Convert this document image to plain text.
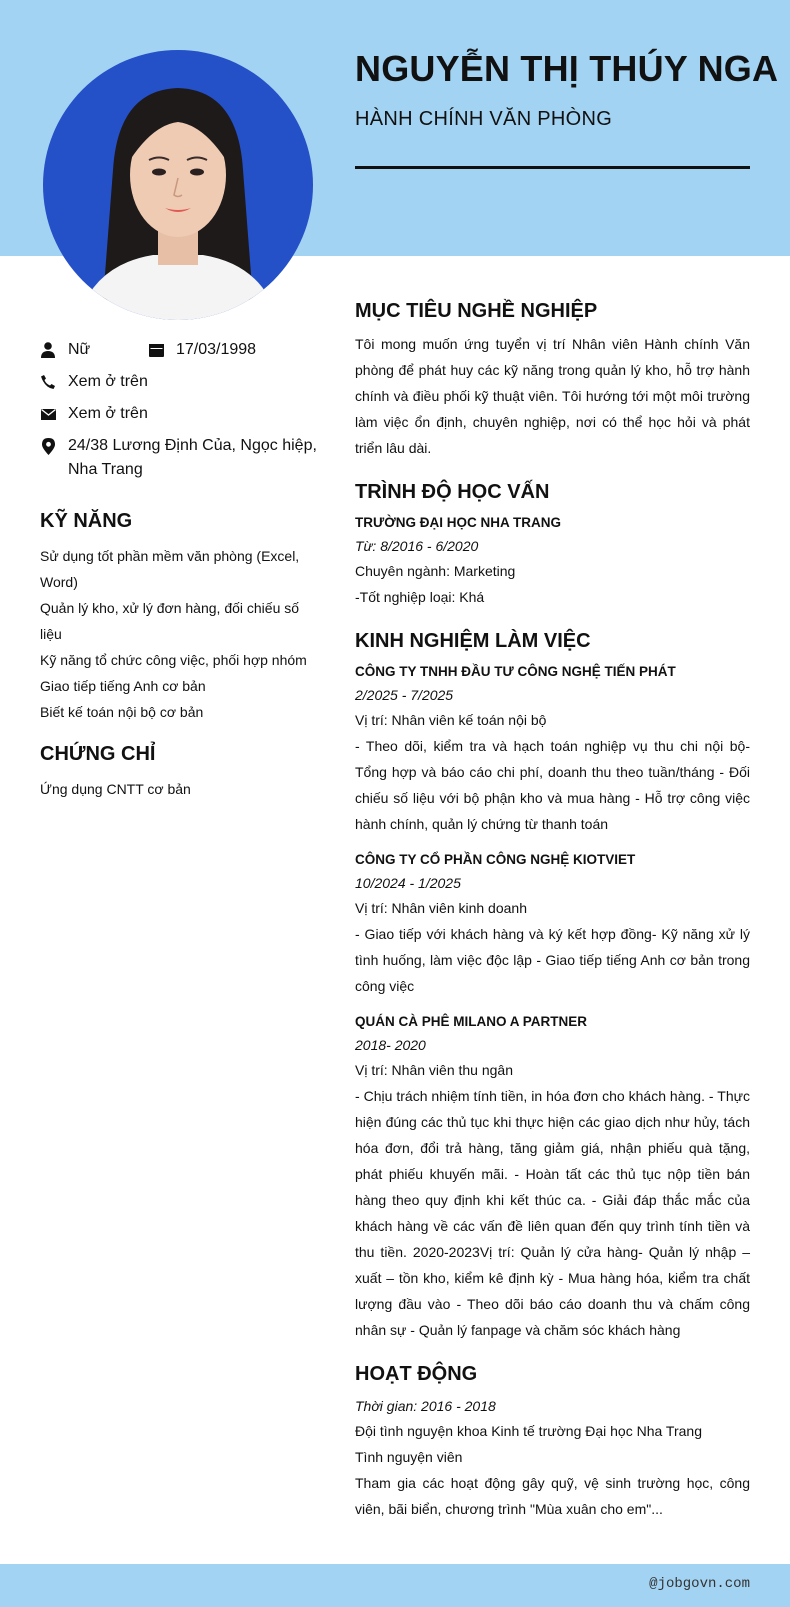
NGUYỄN THỊ THÚY NGA
HÀNH CHÍNH VĂN PHÒNG
Nữ	17/03/1998
Xem ở trên
Xem ở trên
24/38 Lương Định Của, Ngọc hiệp, Nha Trang
KỸ NĂNG
Sử dụng tốt phần mềm văn phòng (Excel, Word)
Quản lý kho, xử lý đơn hàng, đối chiếu số liệu
Kỹ năng tổ chức công việc, phối hợp nhóm
Giao tiếp tiếng Anh cơ bản
Biết kế toán nội bộ cơ bản
CHỨNG CHỈ
Ứng dụng CNTT cơ bản
MỤC TIÊU NGHỀ NGHIỆP
Tôi mong muốn ứng tuyển vị trí Nhân viên Hành chính Văn phòng để phát huy các kỹ năng trong quản lý kho, hỗ trợ hành chính và điều phối kỹ thuật viên. Tôi hướng tới một môi trường làm việc ổn định, chuyên nghiệp, nơi có thể học hỏi và phát triển lâu dài.
TRÌNH ĐỘ HỌC VẤN
TRƯỜNG ĐẠI HỌC NHA TRANG
Từ: 8/2016 - 6/2020
Chuyên ngành: Marketing
-Tốt nghiệp loại: Khá
KINH NGHIỆM LÀM VIỆC
CÔNG TY TNHH ĐẦU TƯ CÔNG NGHỆ TIẾN PHÁT
2/2025 - 7/2025
Vị trí: Nhân viên kế toán nội bộ
- Theo dõi, kiểm tra và hạch toán nghiệp vụ thu chi nội bộ- Tổng hợp và báo cáo chi phí, doanh thu theo tuần/tháng - Đối chiếu số liệu với bộ phận kho và mua hàng - Hỗ trợ công việc hành chính, quản lý chứng từ thanh toán
CÔNG TY CỔ PHẦN CÔNG NGHỆ KIOTVIET
10/2024 - 1/2025
Vị trí: Nhân viên kinh doanh
- Giao tiếp với khách hàng và ký kết hợp đồng- Kỹ năng xử lý tình huống, làm việc độc lập - Giao tiếp tiếng Anh cơ bản trong công việc
QUÁN CÀ PHÊ MILANO A PARTNER
2018- 2020
Vị trí: Nhân viên thu ngân
- Chịu trách nhiệm tính tiền, in hóa đơn cho khách hàng. - Thực hiện đúng các thủ tục khi thực hiện các giao dịch như hủy, tách hóa đơn, đổi trả hàng, tăng giảm giá, nhận phiếu quà tặng, phát phiếu khuyến mãi. - Hoàn tất các thủ tục nộp tiền bán hàng theo quy định khi kết thúc ca. - Giải đáp thắc mắc của khách hàng về các vấn đề liên quan đến quy trình tính tiền và thu tiền. 2020-2023Vị trí: Quản lý cửa hàng- Quản lý nhập – xuất – tồn kho, kiểm kê định kỳ - Mua hàng hóa, kiểm tra chất lượng đầu vào - Theo dõi báo cáo doanh thu và chấm công nhân sự - Quản lý fanpage và chăm sóc khách hàng
HOẠT ĐỘNG
Thời gian: 2016 - 2018
Đội tình nguyện khoa Kinh tế trường Đại học Nha Trang
Tình nguyện viên
Tham gia các hoạt động gây quỹ, vệ sinh trường học, công viên, bãi biển, chương trình "Mùa xuân cho em"...
@jobgovn.com
